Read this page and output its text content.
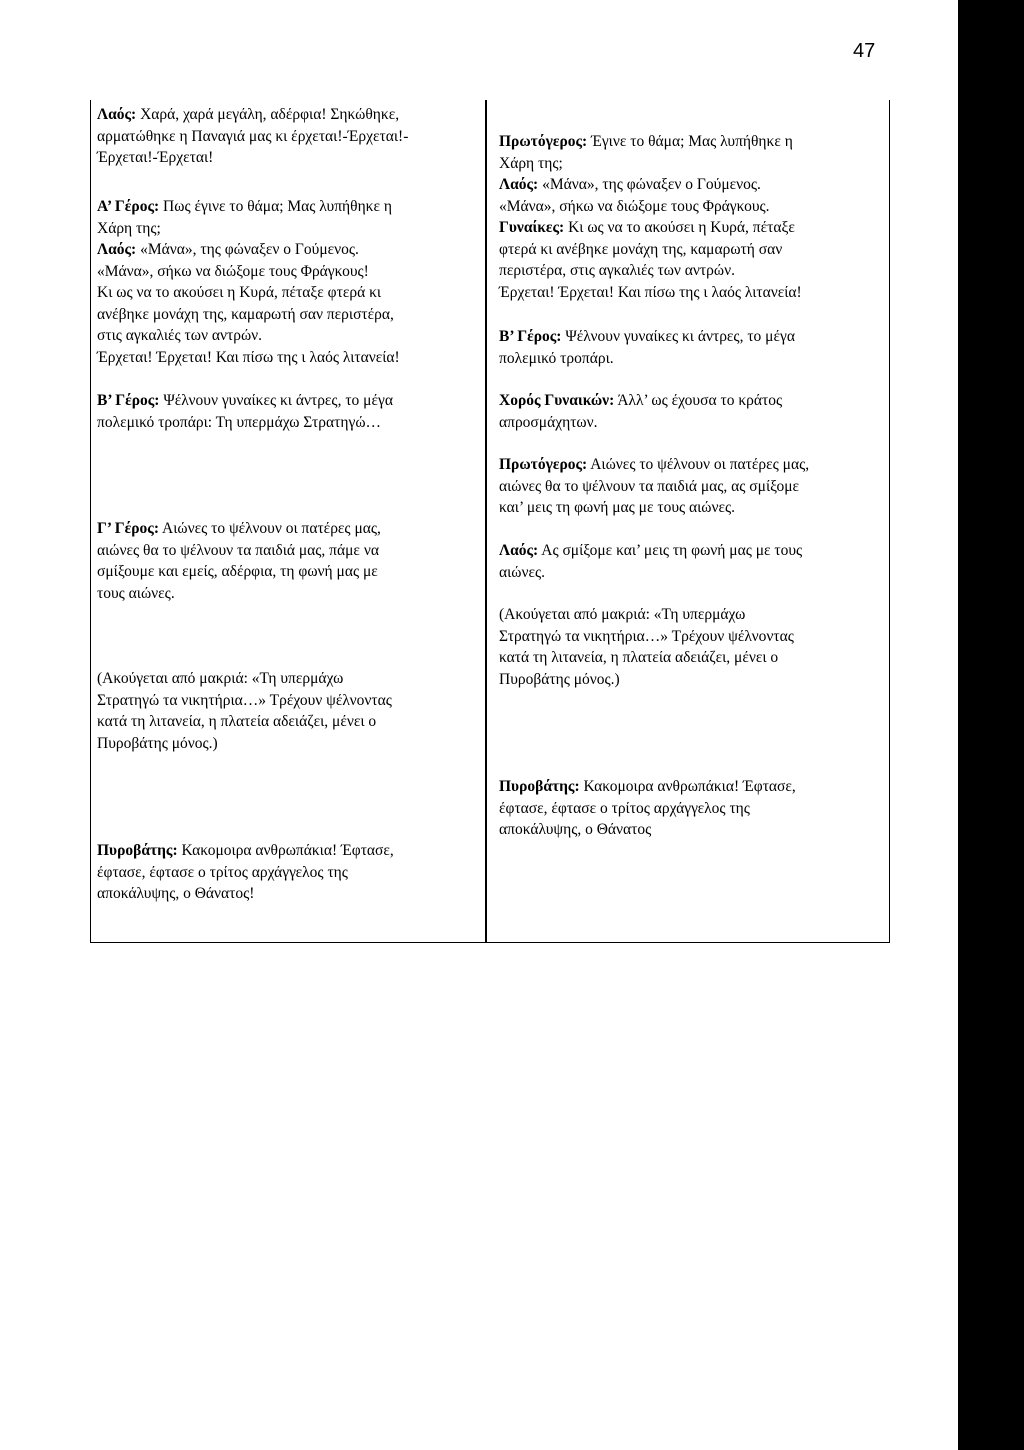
47

Λαός: Χαρά, χαρά μεγάλη, αδέρφια! Σηκώθηκε,

αρματώθηκε η Παναγιά μας κι έρχεται!-Έρχεται!-

Έρχεται!-Έρχεται!

Α’ Γέρος: Πως έγινε το θάμα; Μας λυπήθηκε η

Χάρη της;

Λαός: «Μάνα», της φώναξεν ο Γούμενος.

«Μάνα», σήκω να διώξομε τους Φράγκους!

Κι ως να το ακούσει η Κυρά, πέταξε φτερά κι

ανέβηκε μονάχη της, καμαρωτή σαν περιστέρα,

στις αγκαλιές των αντρών.

Έρχεται! Έρχεται! Και πίσω της ι λαός λιτανεία!

Β’ Γέρος: Ψέλνουν γυναίκες κι άντρες, το μέγα

πολεμικό τροπάρι: Τη υπερμάχω Στρατηγώ…

Γ’ Γέρος: Αιώνες το ψέλνουν οι πατέρες μας,

αιώνες θα το ψέλνουν τα παιδιά μας, πάμε να

σμίξουμε και εμείς, αδέρφια, τη φωνή μας με

τους αιώνες.

(Ακούγεται από μακριά: «Τη υπερμάχω

Στρατηγώ τα νικητήρια…» Τρέχουν ψέλνοντας

κατά τη λιτανεία, η πλατεία αδειάζει, μένει ο

Πυροβάτης μόνος.)

Πυροβάτης: Κακομοιρα ανθρωπάκια! Έφτασε,

έφτασε, έφτασε ο τρίτος αρχάγγελος της

αποκάλυψης, ο Θάνατος!

Πρωτόγερος: Έγινε το θάμα; Μας λυπήθηκε η

Χάρη της;

Λαός: «Μάνα», της φώναξεν ο Γούμενος.

«Μάνα», σήκω να διώξομε τους Φράγκους.

Γυναίκες: Κι ως να το ακούσει η Κυρά, πέταξε

φτερά κι ανέβηκε μονάχη της, καμαρωτή σαν

περιστέρα, στις αγκαλιές των αντρών.

Έρχεται! Έρχεται! Και πίσω της ι λαός λιτανεία!

Β’ Γέρος: Ψέλνουν γυναίκες κι άντρες, το μέγα

πολεμικό τροπάρι.

Χορός Γυναικών: Άλλ’ ως έχουσα το κράτος

απροσμάχητων.

Πρωτόγερος: Αιώνες το ψέλνουν οι πατέρες μας,

αιώνες θα το ψέλνουν τα παιδιά μας, ας σμίξομε

και’ μεις τη φωνή μας με τους αιώνες.

Λαός: Ας σμίξομε και’ μεις τη φωνή μας με τους

αιώνες.

(Ακούγεται από μακριά: «Τη υπερμάχω

Στρατηγώ τα νικητήρια…» Τρέχουν ψέλνοντας

κατά τη λιτανεία, η πλατεία αδειάζει, μένει ο

Πυροβάτης μόνος.)

Πυροβάτης: Κακομοιρα ανθρωπάκια! Έφτασε,

έφτασε, έφτασε ο τρίτος αρχάγγελος της

αποκάλυψης, ο Θάνατος
